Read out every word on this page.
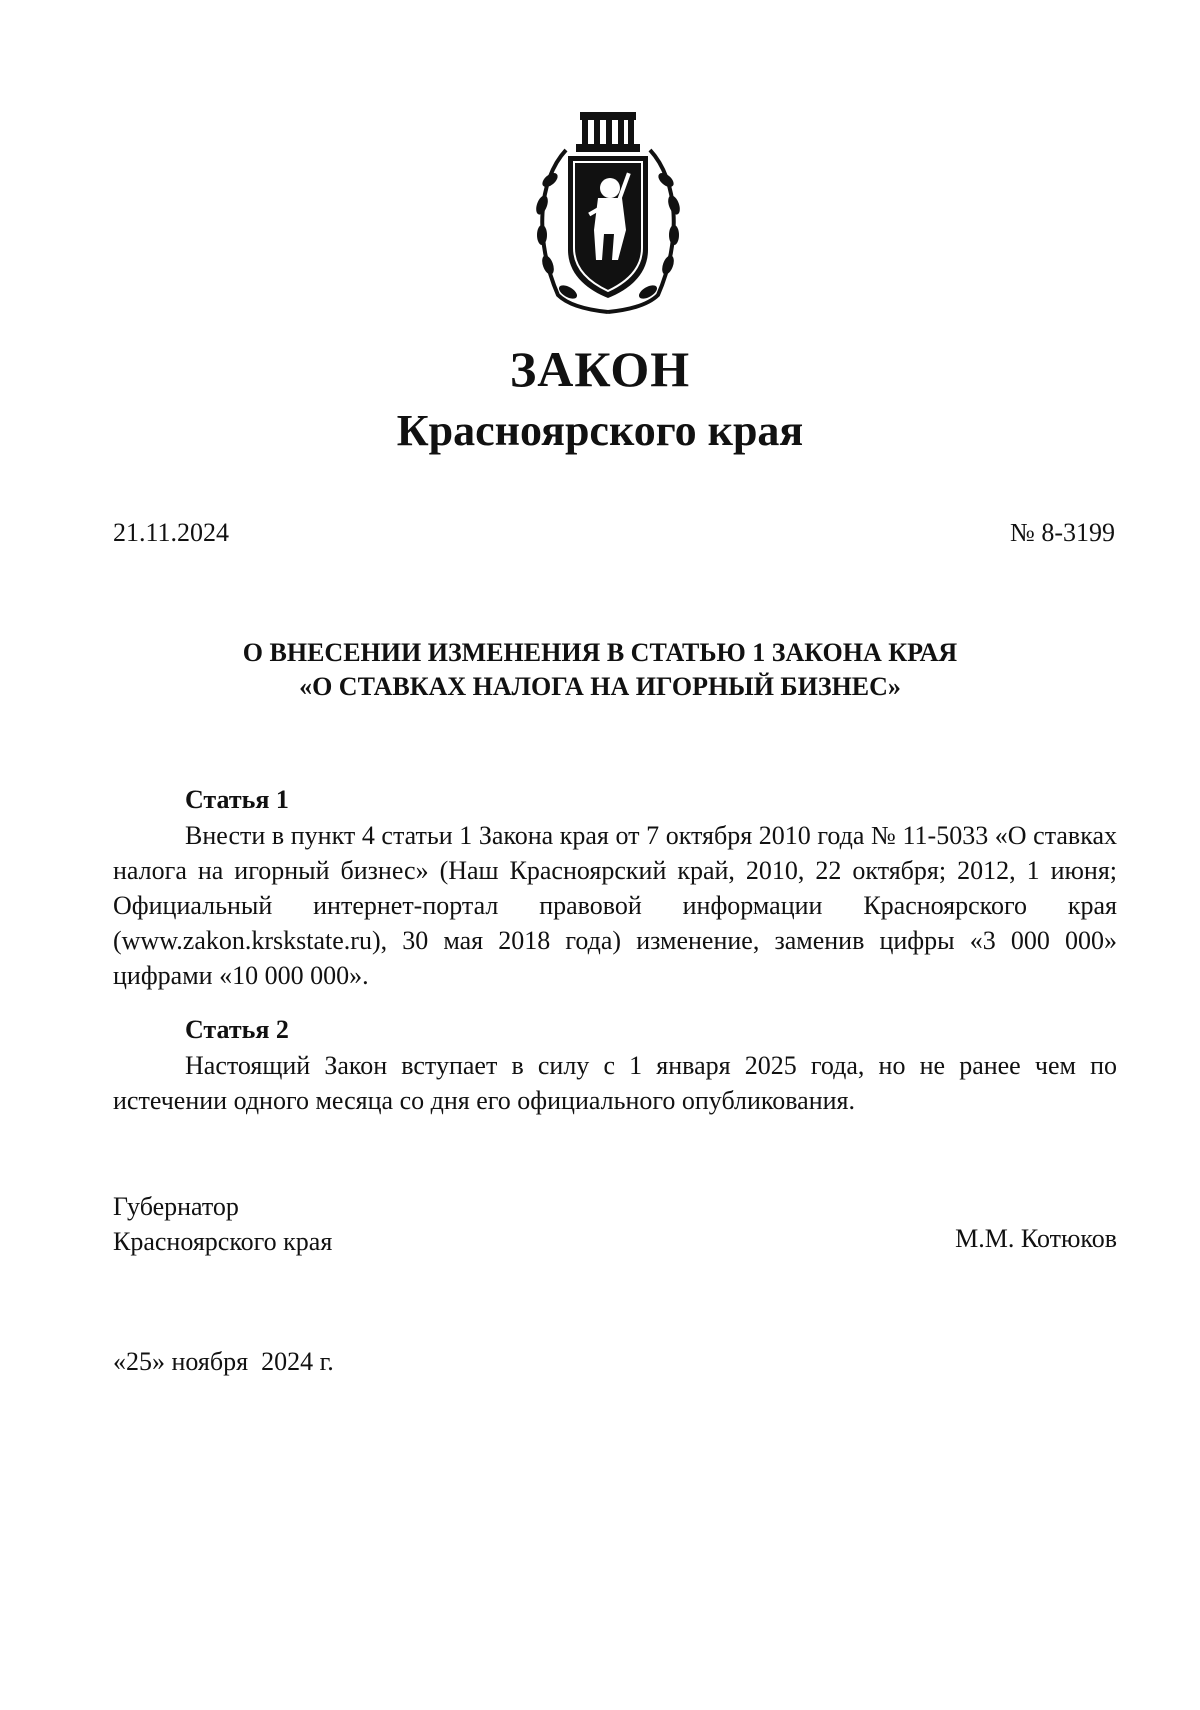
ЗАКОН
Красноярского края
21.11.2024	№ 8-3199
О ВНЕСЕНИИ ИЗМЕНЕНИЯ В СТАТЬЮ 1 ЗАКОНА КРАЯ
«О СТАВКАХ НАЛОГА НА ИГОРНЫЙ БИЗНЕС»
Статья 1

Внести в пункт 4 статьи 1 Закона края от 7 октября 2010 года № 11-5033 «О ставках налога на игорный бизнес» (Наш Красноярский край, 2010, 22 октября; 2012, 1 июня; Официальный интернет-портал правовой информации Красноярского края (www.zakon.krskstate.ru), 30 мая 2018 года) изменение, заменив цифры «3 000 000» цифрами «10 000 000».

Статья 2

Настоящий Закон вступает в силу с 1 января 2025 года, но не ранее чем по истечении одного месяца со дня его официального опубликования.

Губернатор
Красноярского края	М.М. Котюков
«25» ноября  2024 г.
